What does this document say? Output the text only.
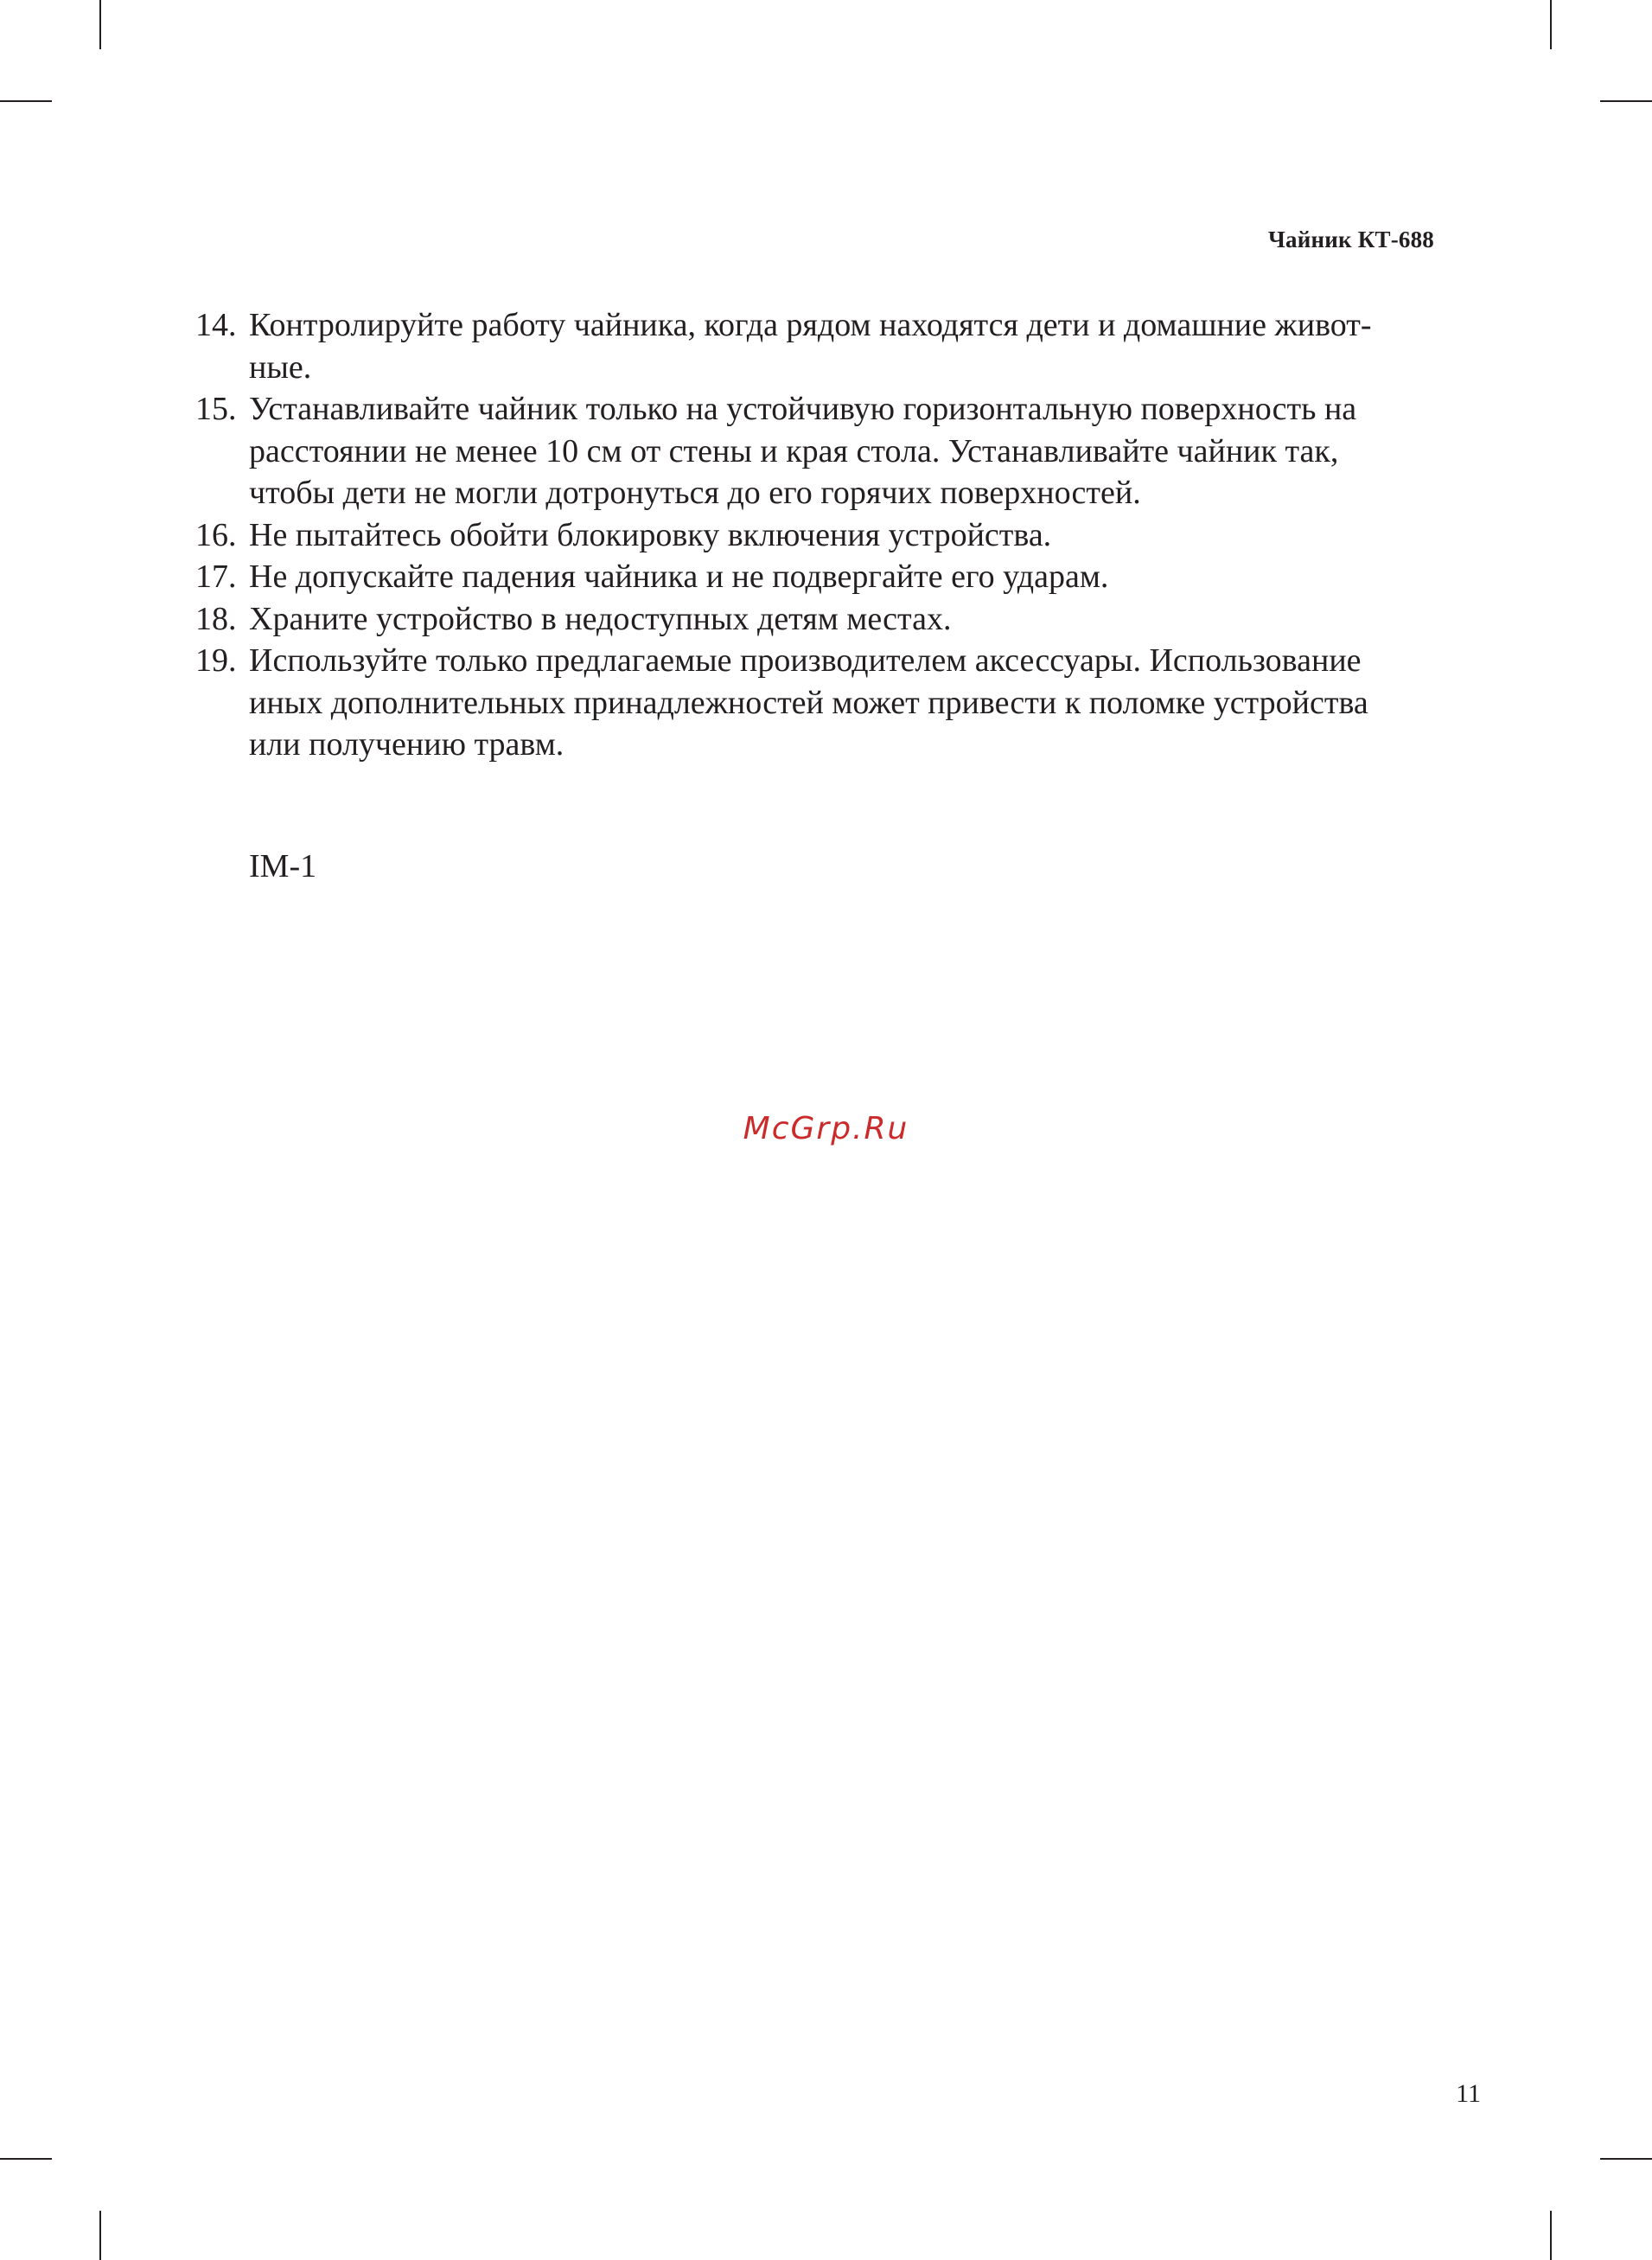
Чайник КТ-688
14. Контролируйте работу чайника, когда рядом находятся дети и домашние живот-
ные.
15. Устанавливайте чайник только на устойчивую горизонтальную поверхность на
расстоянии не менее 10 см от стены и края стола. Устанавливайте чайник так,
чтобы дети не могли дотронуться до его горячих поверхностей.
16. Не пытайтесь обойти блокировку включения устройства.
17. Не допускайте падения чайника и не подвергайте его ударам.
18. Храните устройство в недоступных детям местах.
19. Используйте только предлагаемые производителем аксессуары. Использование
иных дополнительных принадлежностей может привести к поломке устройства
или получению травм.
IM-1
McGrp.Ru
11
